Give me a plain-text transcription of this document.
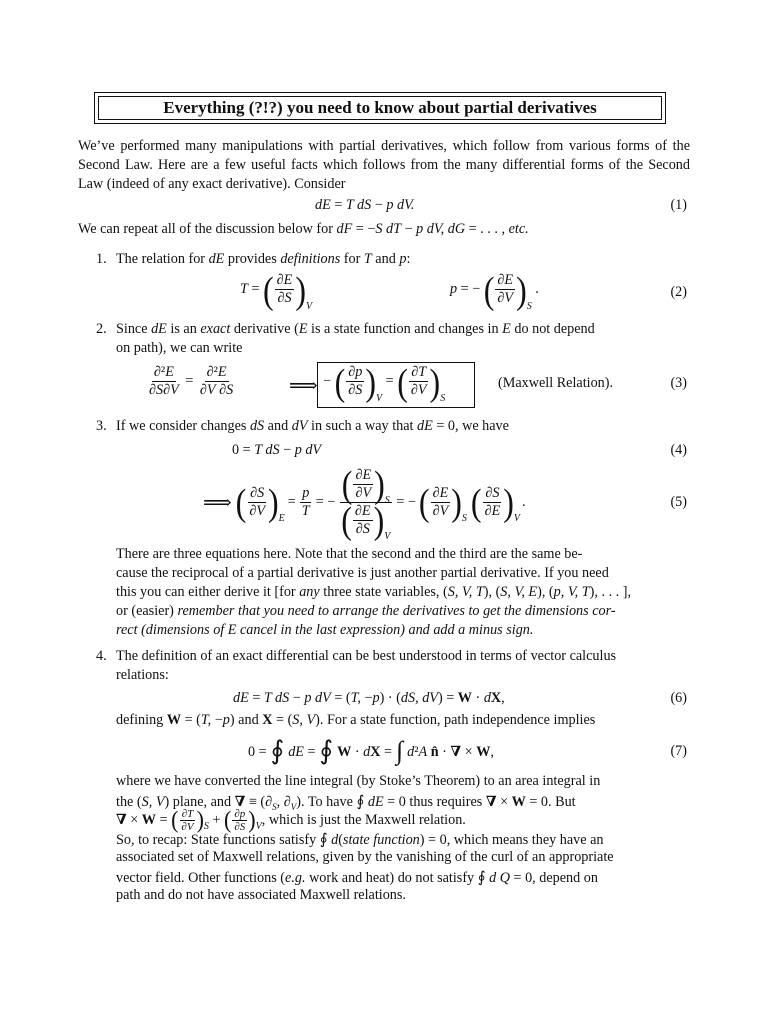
Everything (?!?) you need to know about partial derivatives
We’ve performed many manipulations with partial derivatives, which follow from various forms of the Second Law. Here are a few useful facts which follows from the many differential forms of the Second Law (indeed of any exact derivative). Consider
dE = T dS − p dV.	(1)
We can repeat all of the discussion below for dF = −S dT − p dV, dG = . . . , etc.
1. The relation for dE provides definitions for T and p:
T = ( $\frac{\partial E}{\partial S} )_V$
p = − ( $\frac{\partial E}{\partial V} )_S$ .	(2)
2. Since dE is an exact derivative (E is a state function and changes in E do not depend
on path), we can write
$\frac{\text{∂²E}}{\partial S\partial V} = \frac{\text{∂²E}}{\partial V \partial S}$	⟹ − ( $\frac{\partial p}{\partial S} )_V$ = ( $\frac{\partial T}{\partial V} )_S$
(Maxwell Relation).	(3)
3. If we consider changes dS and dV in such a way that dE = 0, we have
0 = T dS − p dV	(4)
⟹ ( $\frac{\partial S}{\partial V}$ ) E
= $\frac{p}{T}$ = − $\frac{( \frac{\partial E}{\partial V} )_S}{( \frac{\partial E}{\partial S} )_V}$ = − ( $\frac{\partial E}{\partial V}$ ) S ( $\frac{\partial S}{\partial E}$ ) V
.	(5)
There are three equations here. Note that the second and the third are the same be-
cause the reciprocal of a partial derivative is just another partial derivative. If you need
this you can either derive it [for any three state variables, (S, V, T), (S, V, E), (p, V, T), . . . ],
or (easier) remember that you need to arrange the derivatives to get the dimensions cor-
rect (dimensions of E cancel in the last expression) and add a minus sign.
4. The definition of an exact differential can be best understood in terms of vector calculus
relations:
dE = T dS − p dV = (T, −p) · (dS, dV) = W · dX,	(6)
defining W = (T, −p) and X = (S, V). For a state function, path independence implies
0 = ∮ dE = ∮ W · d X = ∫ d ² A
n̂ · ∇ × W ,	(7)
where we have converted the line integral (by Stoke’s Theorem) to an area integral in
the (S, V) plane, and ∇ ≡ ($\partial_S$, $\partial_V$). To have ∮ dE = 0 thus requires ∇ × W = 0. But
∇ × W = ( $\frac{\partial T}{\partial V}$ ) S + ( $\frac{\partial p}{\partial S}$ ) V , which is just the Maxwell relation.
So, to recap: State functions satisfy ∮ d(state function) = 0, which means they have an
associated set of Maxwell relations, given by the vanishing of the curl of an appropriate
vector field. Other functions (e.g. work and heat) do not satisfy ∮ d Q = 0, depend on
path and do not have associated Maxwell relations.
